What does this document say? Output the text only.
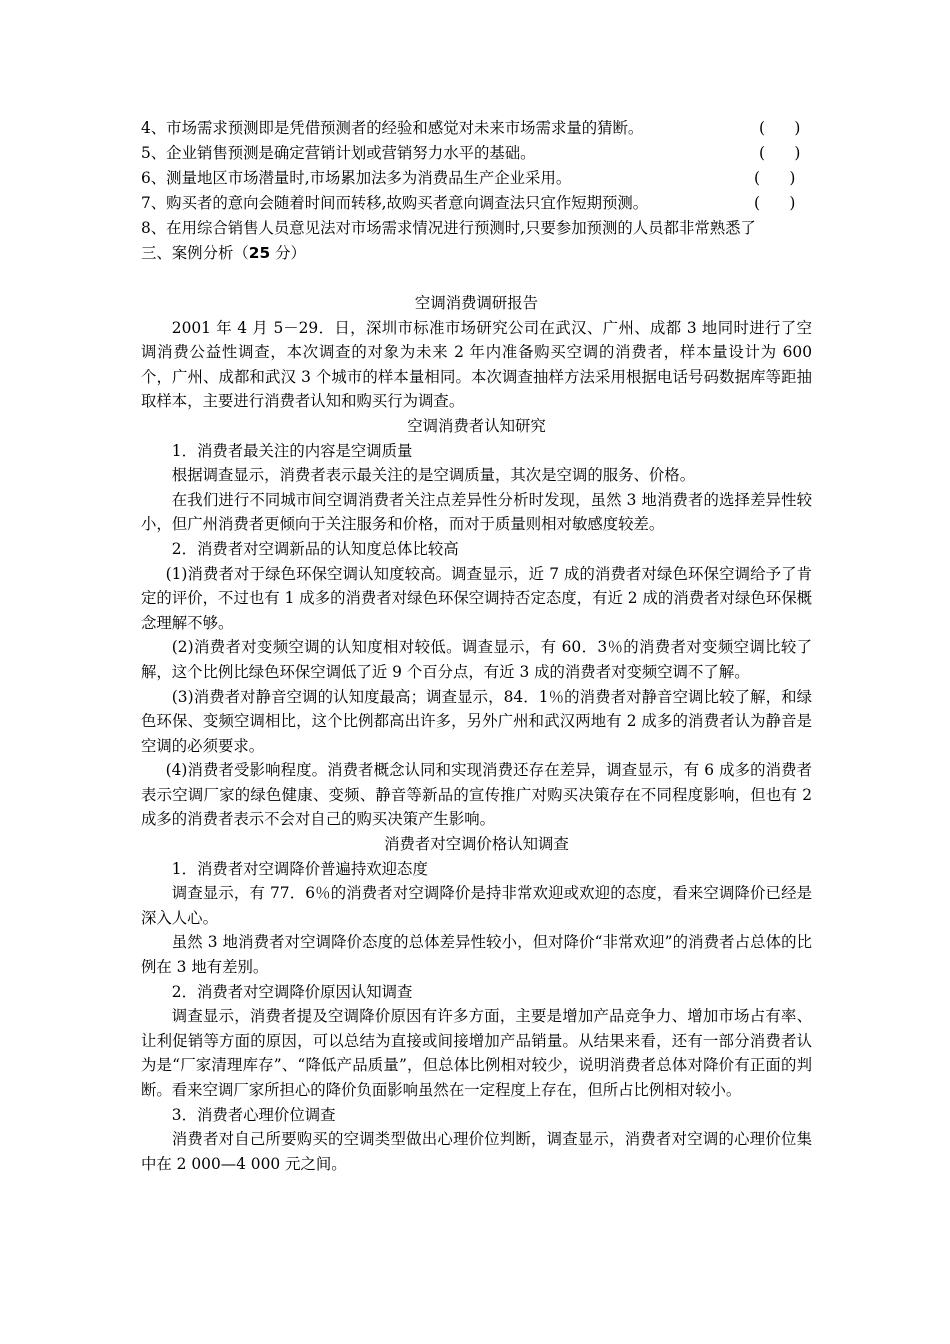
4、市场需求预测即是凭借预测者的经验和感觉对未来市场需求量的猜断。	(      )
5、企业销售预测是确定营销计划或营销努力水平的基础。	(      )
6、测量地区市场潜量时,市场累加法多为消费品生产企业采用。	(      )
7、购买者的意向会随着时间而转移,故购买者意向调查法只宜作短期预测。	(      )
8、在用综合销售人员意见法对市场需求情况进行预测时,只要参加预测的人员都非常熟悉了
三、案例分析（25 分）
空调消费调研报告
2001 年 4 月 5－29．日，深圳市标准市场研究公司在武汉、广州、成都 3 地同时进行了空调消费公益性调查，本次调查的对象为未来 2 年内准备购买空调的消费者，样本量设计为 600 个，广州、成都和武汉 3 个城市的样本量相同。本次调查抽样方法采用根据电话号码数据库等距抽取样本，主要进行消费者认知和购买行为调查。
空调消费者认知研究
1．消费者最关注的内容是空调质量
根据调查显示，消费者表示最关注的是空调质量，其次是空调的服务、价格。
在我们进行不同城市间空调消费者关注点差异性分析时发现，虽然 3 地消费者的选择差异性较小，但广州消费者更倾向于关注服务和价格，而对于质量则相对敏感度较差。
2．消费者对空调新品的认知度总体比较高
(1)消费者对于绿色环保空调认知度较高。调查显示，近 7 成的消费者对绿色环保空调给予了肯定的评价，不过也有 1 成多的消费者对绿色环保空调持否定态度，有近 2 成的消费者对绿色环保概念理解不够。
(2)消费者对变频空调的认知度相对较低。调查显示，有 60．3％的消费者对变频空调比较了解，这个比例比绿色环保空调低了近 9 个百分点，有近 3 成的消费者对变频空调不了解。
(3)消费者对静音空调的认知度最高；调查显示，84．1％的消费者对静音空调比较了解，和绿色环保、变频空调相比，这个比例都高出许多，另外广州和武汉两地有 2 成多的消费者认为静音是空调的必须要求。
(4)消费者受影响程度。消费者概念认同和实现消费还存在差异，调查显示，有 6 成多的消费者表示空调厂家的绿色健康、变频、静音等新品的宣传推广对购买决策存在不同程度影响，但也有 2 成多的消费者表示不会对自己的购买决策产生影响。
消费者对空调价格认知调查
1．消费者对空调降价普遍持欢迎态度
调查显示，有 77．6％的消费者对空调降价是持非常欢迎或欢迎的态度，看来空调降价已经是深入人心。
虽然 3 地消费者对空调降价态度的总体差异性较小，但对降价“非常欢迎”的消费者占总体的比例在 3 地有差别。
2．消费者对空调降价原因认知调查
调查显示，消费者提及空调降价原因有许多方面，主要是增加产品竞争力、增加市场占有率、让利促销等方面的原因，可以总结为直接或间接增加产品销量。从结果来看，还有一部分消费者认为是“厂家清理库存”、“降低产品质量”，但总体比例相对较少，说明消费者总体对降价有正面的判断。看来空调厂家所担心的降价负面影响虽然在一定程度上存在，但所占比例相对较小。
3．消费者心理价位调查
消费者对自己所要购买的空调类型做出心理价位判断，调查显示，消费者对空调的心理价位集中在 2 000—4 000 元之间。
